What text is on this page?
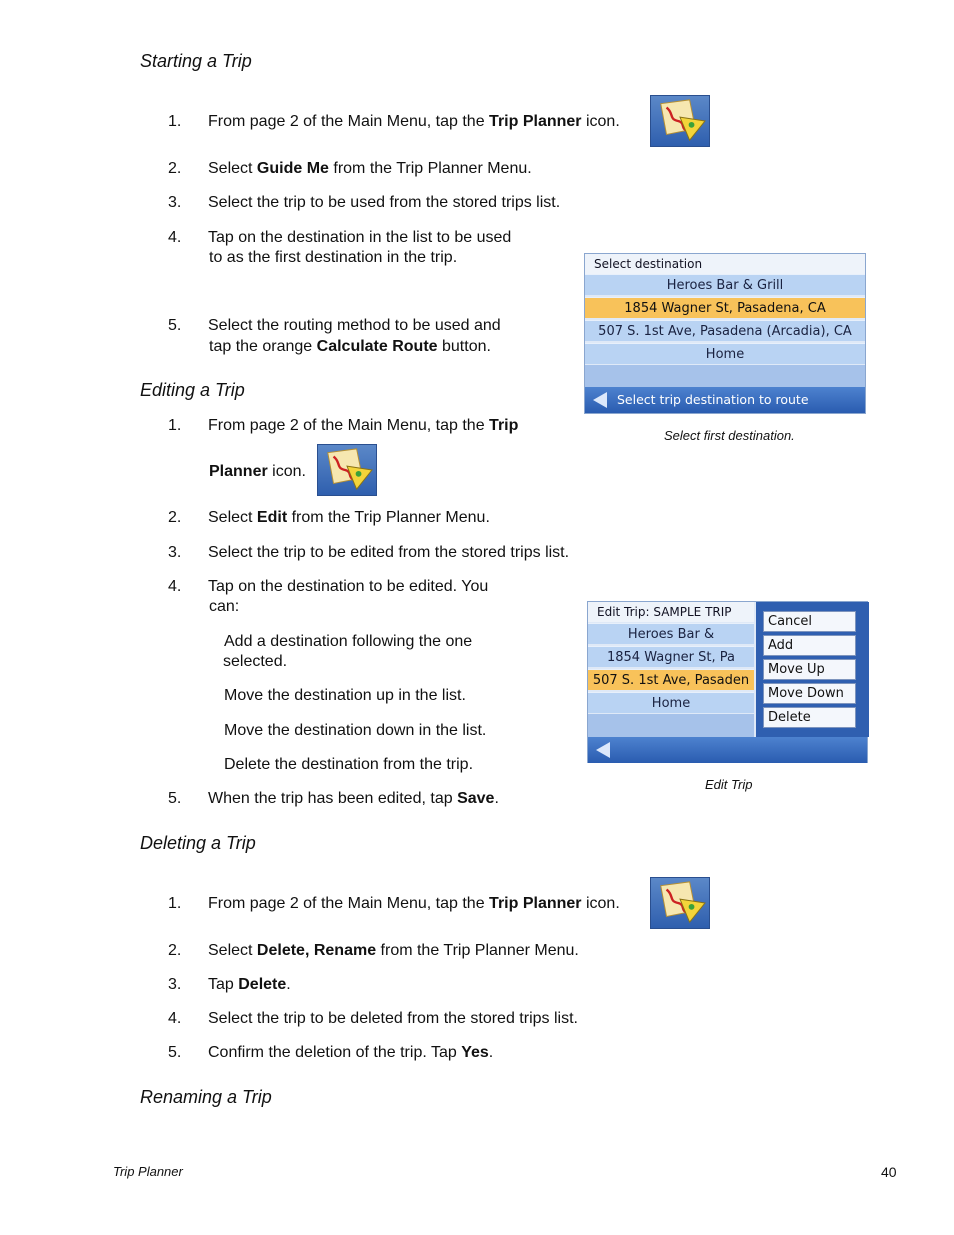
Starting a Trip
1. From page 2 of the Main Menu, tap the Trip Planner icon.
2. Select Guide Me from the Trip Planner Menu.
3. Select the trip to be used from the stored trips list.
4. Tap on the destination in the list to be used
to as the first destination in the trip.
5. Select the routing method to be used and
tap the orange Calculate Route button.
Select destination
Heroes Bar & Grill
1854 Wagner St, Pasadena, CA
507 S. 1st Ave, Pasadena (Arcadia), CA
Home
Select trip destination to route
Select first destination.
Editing a Trip
1. From page 2 of the Main Menu, tap the Trip
Planner icon.
2. Select Edit from the Trip Planner Menu.
3. Select the trip to be edited from the stored trips list.
4. Tap on the destination to be edited. You
can:
Add a destination following the one
selected.
Move the destination up in the list.
Move the destination down in the list.
Delete the destination from the trip.
5. When the trip has been edited, tap Save.
Edit Trip: SAMPLE TRIP
Heroes Bar &
1854 Wagner St, Pa
507 S. 1st Ave, Pasaden
Home
Cancel
Add
Move Up
Move Down
Delete
Edit Trip
Deleting a Trip
1. From page 2 of the Main Menu, tap the Trip Planner icon.
2. Select Delete, Rename from the Trip Planner Menu.
3. Tap Delete.
4. Select the trip to be deleted from the stored trips list.
5. Confirm the deletion of the trip. Tap Yes.
Renaming a Trip
Trip Planner	40
